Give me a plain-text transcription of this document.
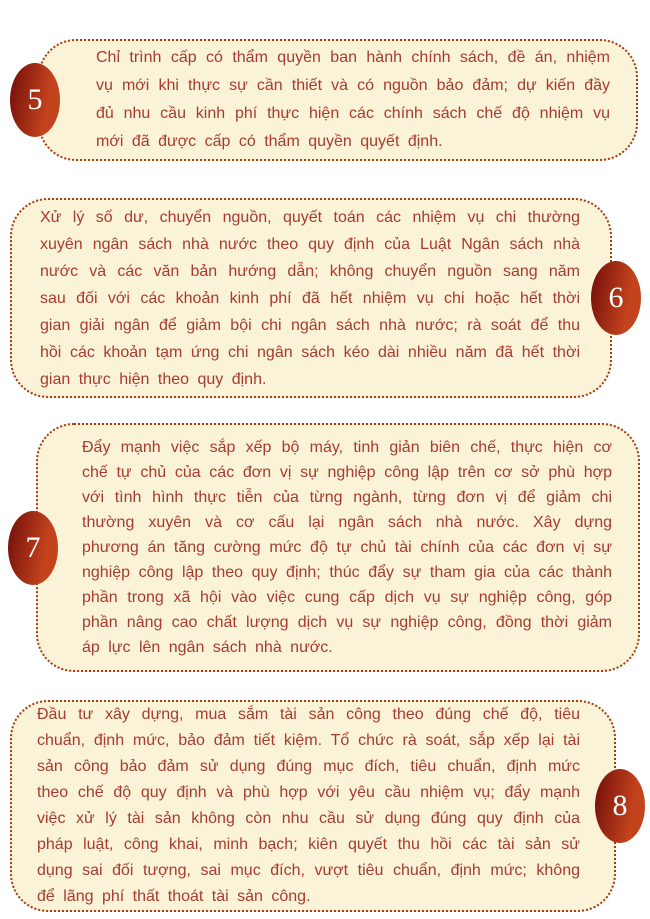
5

Chỉ trình cấp có thẩm quyền ban hành chính sách, đề án, nhiệm vụ mới khi thực sự cần thiết và có nguồn bảo đảm; dự kiến đầy đủ nhu cầu kinh phí thực hiện các chính sách chế độ nhiệm vụ mới đã được cấp có thẩm quyền quyết định.

6

Xử lý số dư, chuyển nguồn, quyết toán các nhiệm vụ chi thường xuyên ngân sách nhà nước theo quy định của Luật Ngân sách nhà nước và các văn bản hướng dẫn; không chuyển nguồn sang năm sau đối với các khoản kinh phí đã hết nhiệm vụ chi hoặc hết thời gian giải ngân để giảm bội chi ngân sách nhà nước; rà soát để thu hồi các khoản tạm ứng chi ngân sách kéo dài nhiều năm đã hết thời gian thực hiện theo quy định.

7

Đẩy mạnh việc sắp xếp bộ máy, tinh giản biên chế, thực hiện cơ chế tự chủ của các đơn vị sự nghiệp công lập trên cơ sở phù hợp với tình hình thực tiễn của từng ngành, từng đơn vị để giảm chi thường xuyên và cơ cấu lại ngân sách nhà nước. Xây dựng phương án tăng cường mức độ tự chủ tài chính của các đơn vị sự nghiệp công lập theo quy định; thúc đẩy sự tham gia của các thành phần trong xã hội vào việc cung cấp dịch vụ sự nghiệp công, góp phần nâng cao chất lượng dịch vụ sự nghiệp công, đồng thời giảm áp lực lên ngân sách nhà nước.

8

Đầu tư xây dựng, mua sắm tài sản công theo đúng chế độ, tiêu chuẩn, định mức, bảo đảm tiết kiệm. Tổ chức rà soát, sắp xếp lại tài sản công bảo đảm sử dụng đúng mục đích, tiêu chuẩn, định mức theo chế độ quy định và phù hợp với yêu cầu nhiệm vụ; đẩy mạnh việc xử lý tài sản không còn nhu cầu sử dụng đúng quy định của pháp luật, công khai, minh bạch; kiên quyết thu hồi các tài sản sử dụng sai đối tượng, sai mục đích, vượt tiêu chuẩn, định mức; không để lãng phí thất thoát tài sản công.
